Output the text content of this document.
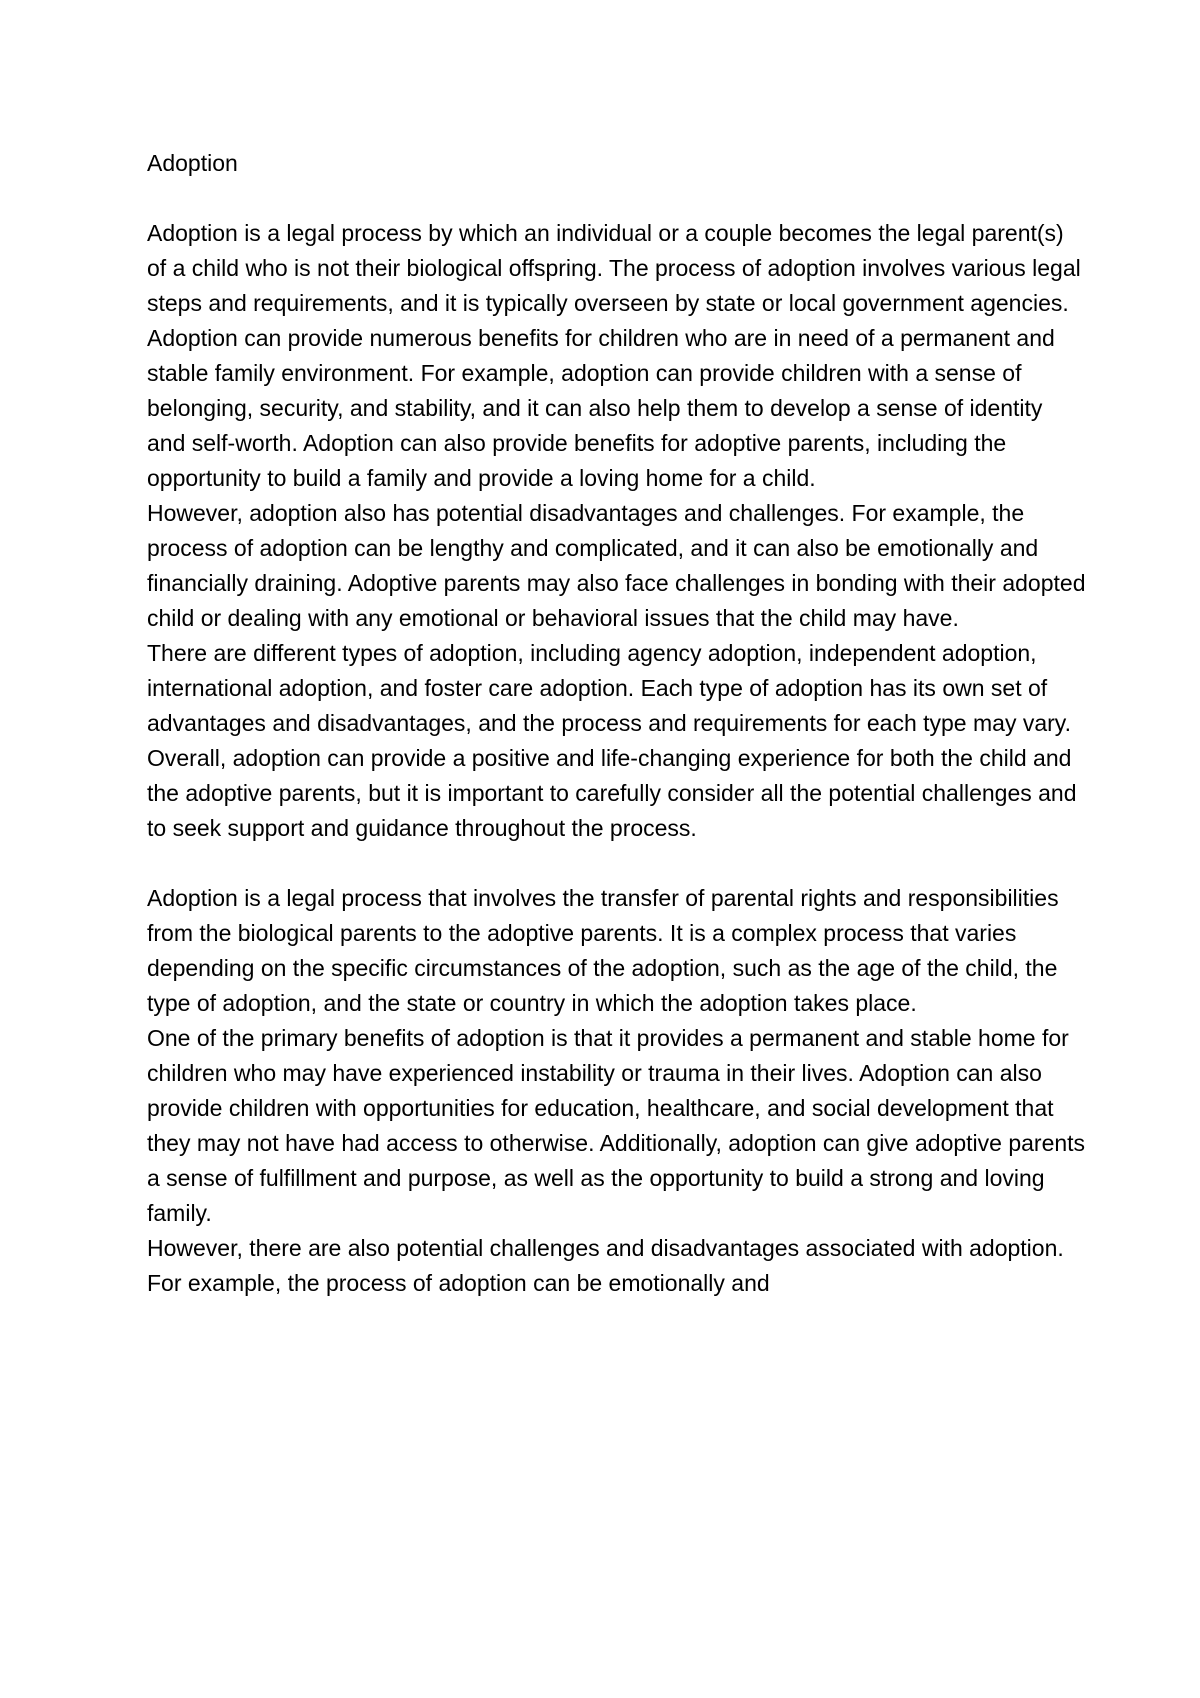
Adoption

Adoption is a legal process by which an individual or a couple becomes the legal parent(s) of a child who is not their biological offspring. The process of adoption involves various legal steps and requirements, and it is typically overseen by state or local government agencies.

Adoption can provide numerous benefits for children who are in need of a permanent and stable family environment. For example, adoption can provide children with a sense of belonging, security, and stability, and it can also help them to develop a sense of identity and self-worth. Adoption can also provide benefits for adoptive parents, including the opportunity to build a family and provide a loving home for a child.

However, adoption also has potential disadvantages and challenges. For example, the process of adoption can be lengthy and complicated, and it can also be emotionally and financially draining. Adoptive parents may also face challenges in bonding with their adopted child or dealing with any emotional or behavioral issues that the child may have.

There are different types of adoption, including agency adoption, independent adoption, international adoption, and foster care adoption. Each type of adoption has its own set of advantages and disadvantages, and the process and requirements for each type may vary.

Overall, adoption can provide a positive and life-changing experience for both the child and the adoptive parents, but it is important to carefully consider all the potential challenges and to seek support and guidance throughout the process.

Adoption is a legal process that involves the transfer of parental rights and responsibilities from the biological parents to the adoptive parents. It is a complex process that varies depending on the specific circumstances of the adoption, such as the age of the child, the type of adoption, and the state or country in which the adoption takes place.

One of the primary benefits of adoption is that it provides a permanent and stable home for children who may have experienced instability or trauma in their lives. Adoption can also provide children with opportunities for education, healthcare, and social development that they may not have had access to otherwise. Additionally, adoption can give adoptive parents a sense of fulfillment and purpose, as well as the opportunity to build a strong and loving family.

However, there are also potential challenges and disadvantages associated with adoption. For example, the process of adoption can be emotionally and
